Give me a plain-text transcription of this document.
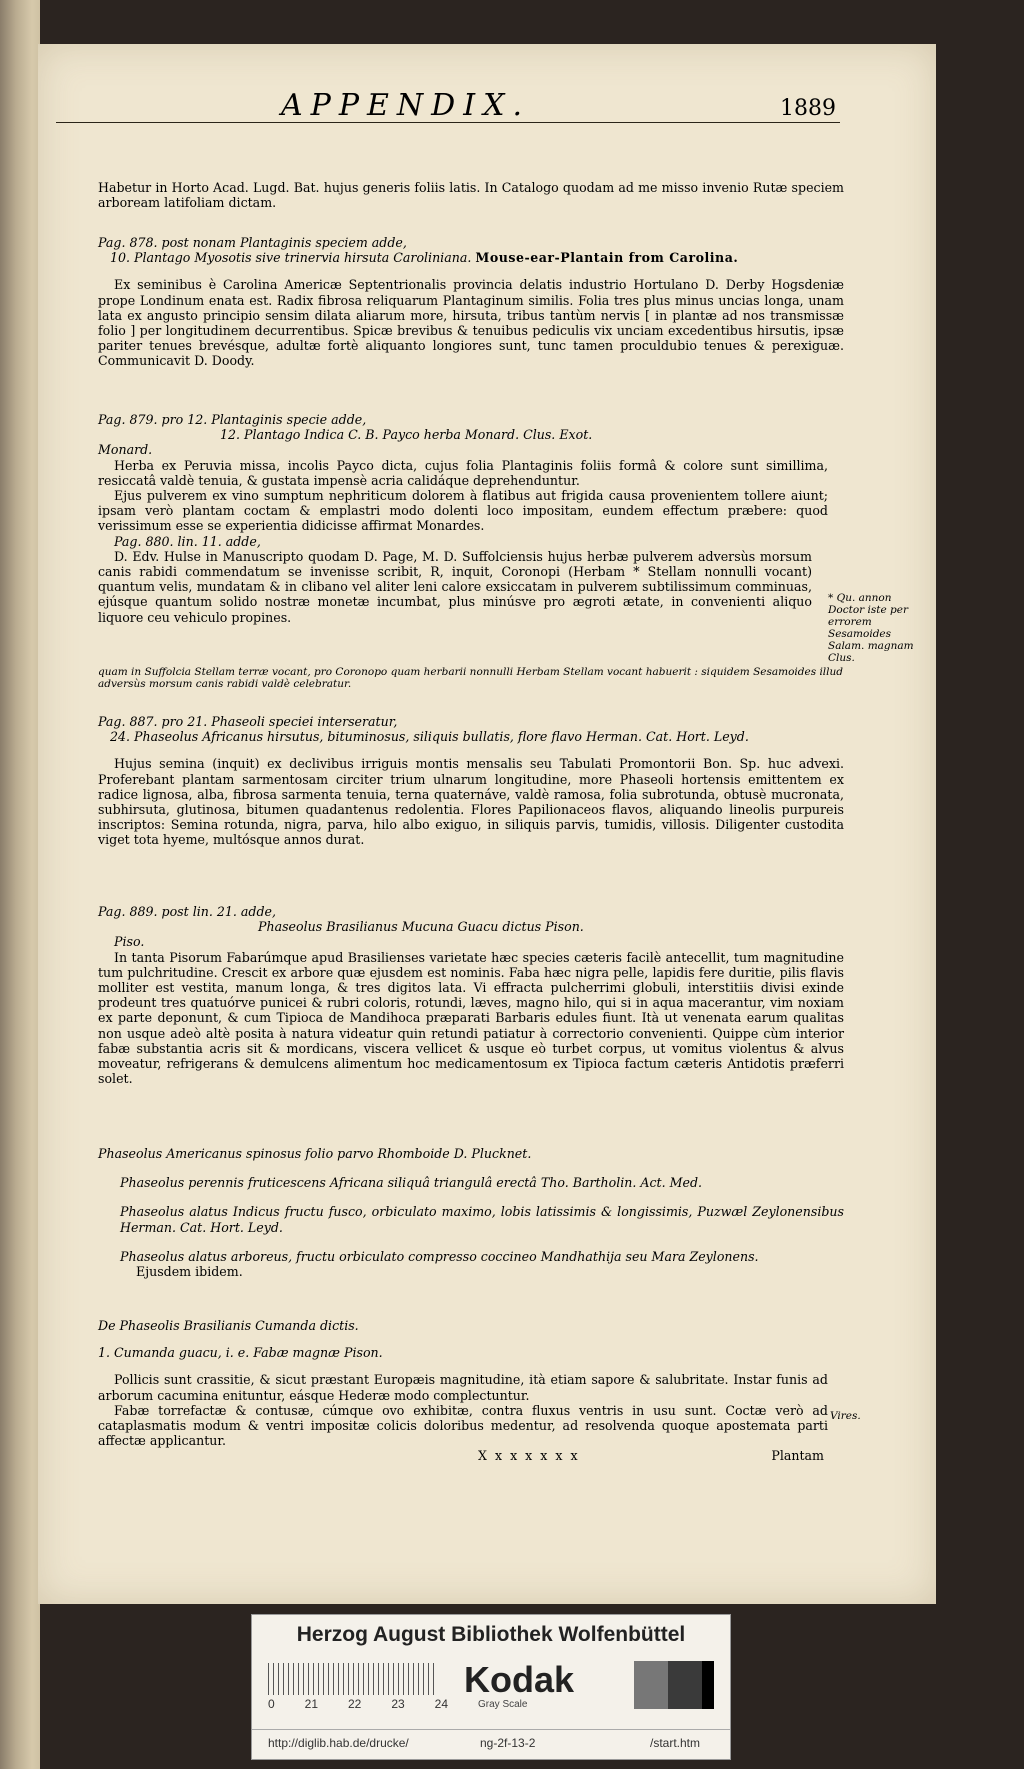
APPENDIX.	1889

Habetur in Horto Acad. Lugd. Bat. hujus generis foliis latis. In Catalogo quodam ad me misso invenio Rutæ speciem arboream latifoliam dictam.

Pag. 878. post nonam Plantaginis speciem adde,

10. Plantago Myosotis sive trinervia hirsuta Caroliniana. Mouse-ear-Plantain from Carolina.

Ex seminibus è Carolina Americæ Septentrionalis provincia delatis industrio Hortulano D. Derby Hogsdeniæ prope Londinum enata est. Radix fibrosa reliquarum Plantaginum similis. Folia tres plus minus uncias longa, unam lata ex angusto principio sensim dilata aliarum more, hirsuta, tribus tantùm nervis [ in plantæ ad nos transmissæ folio ] per longitudinem decurrentibus. Spicæ brevibus & tenuibus pediculis vix unciam excedentibus hirsutis, ipsæ pariter tenues brevésque, adultæ fortè aliquanto longiores sunt, tunc tamen proculdubio tenues & perexiguæ. Communicavit D. Doody.

Pag. 879. pro 12. Plantaginis specie adde,

12. Plantago Indica C. B. Payco herba Monard. Clus. Exot.

Monard.

Herba ex Peruvia missa, incolis Payco dicta, cujus folia Plantaginis foliis formâ & colore sunt simillima, resiccatâ valdè tenuia, & gustata impensè acria calidáque deprehenduntur.

Ejus pulverem ex vino sumptum nephriticum dolorem à flatibus aut frigida causa provenientem tollere aiunt; ipsam verò plantam coctam & emplastri modo dolenti loco impositam, eundem effectum præbere: quod verissimum esse se experientia didicisse affirmat Monardes.

Pag. 880. lin. 11. adde,

D. Edv. Hulse in Manuscripto quodam D. Page, M. D. Suffolciensis hujus herbæ pulverem adversùs morsum canis rabidi commendatum se invenisse scribit, R, inquit, Coronopi (Herbam * Stellam nonnulli vocant) quantum velis, mundatam & in clibano vel aliter leni calore exsiccatam in pulverem subtilissimum comminuas, ejúsque quantum solido nostræ monetæ incumbat, plus minúsve pro ægroti ætate, in convenienti aliquo liquore ceu vehiculo propines.

* Qu. annon Doctor iste per errorem Sesamoides Salam. magnam Clus.
quam in Suffolcia Stellam terræ vocant, pro Coronopo quam herbarii nonnulli Herbam Stellam vocant habuerit : siquidem Sesamoides illud adversùs morsum canis rabidi valdè celebratur.

Pag. 887. pro 21. Phaseoli speciei interseratur,

24. Phaseolus Africanus hirsutus, bituminosus, siliquis bullatis, flore flavo Herman. Cat. Hort. Leyd.

Hujus semina (inquit) ex declivibus irriguis montis mensalis seu Tabulati Promontorii Bon. Sp. huc advexi. Proferebant plantam sarmentosam circiter trium ulnarum longitudine, more Phaseoli hortensis emittentem ex radice lignosa, alba, fibrosa sarmenta tenuia, terna quaternáve, valdè ramosa, folia subrotunda, obtusè mucronata, subhirsuta, glutinosa, bitumen quadantenus redolentia. Flores Papilionaceos flavos, aliquando lineolis purpureis inscriptos: Semina rotunda, nigra, parva, hilo albo exiguo, in siliquis parvis, tumidis, villosis. Diligenter custodita viget tota hyeme, multósque annos durat.

Pag. 889. post lin. 21. adde,

Phaseolus Brasilianus Mucuna Guacu dictus Pison.

Piso.

In tanta Pisorum Fabarúmque apud Brasilienses varietate hæc species cæteris facilè antecellit, tum magnitudine tum pulchritudine. Crescit ex arbore quæ ejusdem est nominis. Faba hæc nigra pelle, lapidis fere duritie, pilis flavis molliter est vestita, manum longa, & tres digitos lata. Vi effracta pulcherrimi globuli, interstitiis divisi exinde prodeunt tres quatuórve punicei & rubri coloris, rotundi, læves, magno hilo, qui si in aqua macerantur, vim noxiam ex parte deponunt, & cum Tipioca de Mandihoca præparati Barbaris edules fiunt. Ità ut venenata earum qualitas non usque adeò altè posita à natura videatur quin retundi patiatur à correctorio convenienti. Quippe cùm interior fabæ substantia acris sit & mordicans, viscera vellicet & usque eò turbet corpus, ut vomitus violentus & alvus moveatur, refrigerans & demulcens alimentum hoc medicamentosum ex Tipioca factum cæteris Antidotis præferri solet.

Phaseolus Americanus spinosus folio parvo Rhomboide D. Plucknet.

Phaseolus perennis fruticescens Africana siliquâ triangulâ erectâ Tho. Bartholin. Act. Med.

Phaseolus alatus Indicus fructu fusco, orbiculato maximo, lobis latissimis & longissimis, Puzwæl Zeylonensibus Herman. Cat. Hort. Leyd.

Phaseolus alatus arboreus, fructu orbiculato compresso coccineo Mandhathija seu Mara Zeylonens.

Ejusdem ibidem.

De Phaseolis Brasilianis Cumanda dictis.

1. Cumanda guacu, i. e. Fabæ magnæ Pison.

Pollicis sunt crassitie, & sicut præstant Europæis magnitudine, ità etiam sapore & salubritate. Instar funis ad arborum cacumina enituntur, eásque Hederæ modo complectuntur.

Fabæ torrefactæ & contusæ, cúmque ovo exhibitæ, contra fluxus ventris in usu sunt. Coctæ verò ad cataplasmatis modum & ventri impositæ colicis doloribus medentur, ad resolvenda quoque apostemata parti affectæ applicantur.

X x x x x x x	Plantam

Vires.
Herzog August Bibliothek Wolfenbüttel
0 21 22 23 24
Kodak
Gray Scale
http://diglib.hab.de/drucke/	ng-2f-13-2	/start.htm
